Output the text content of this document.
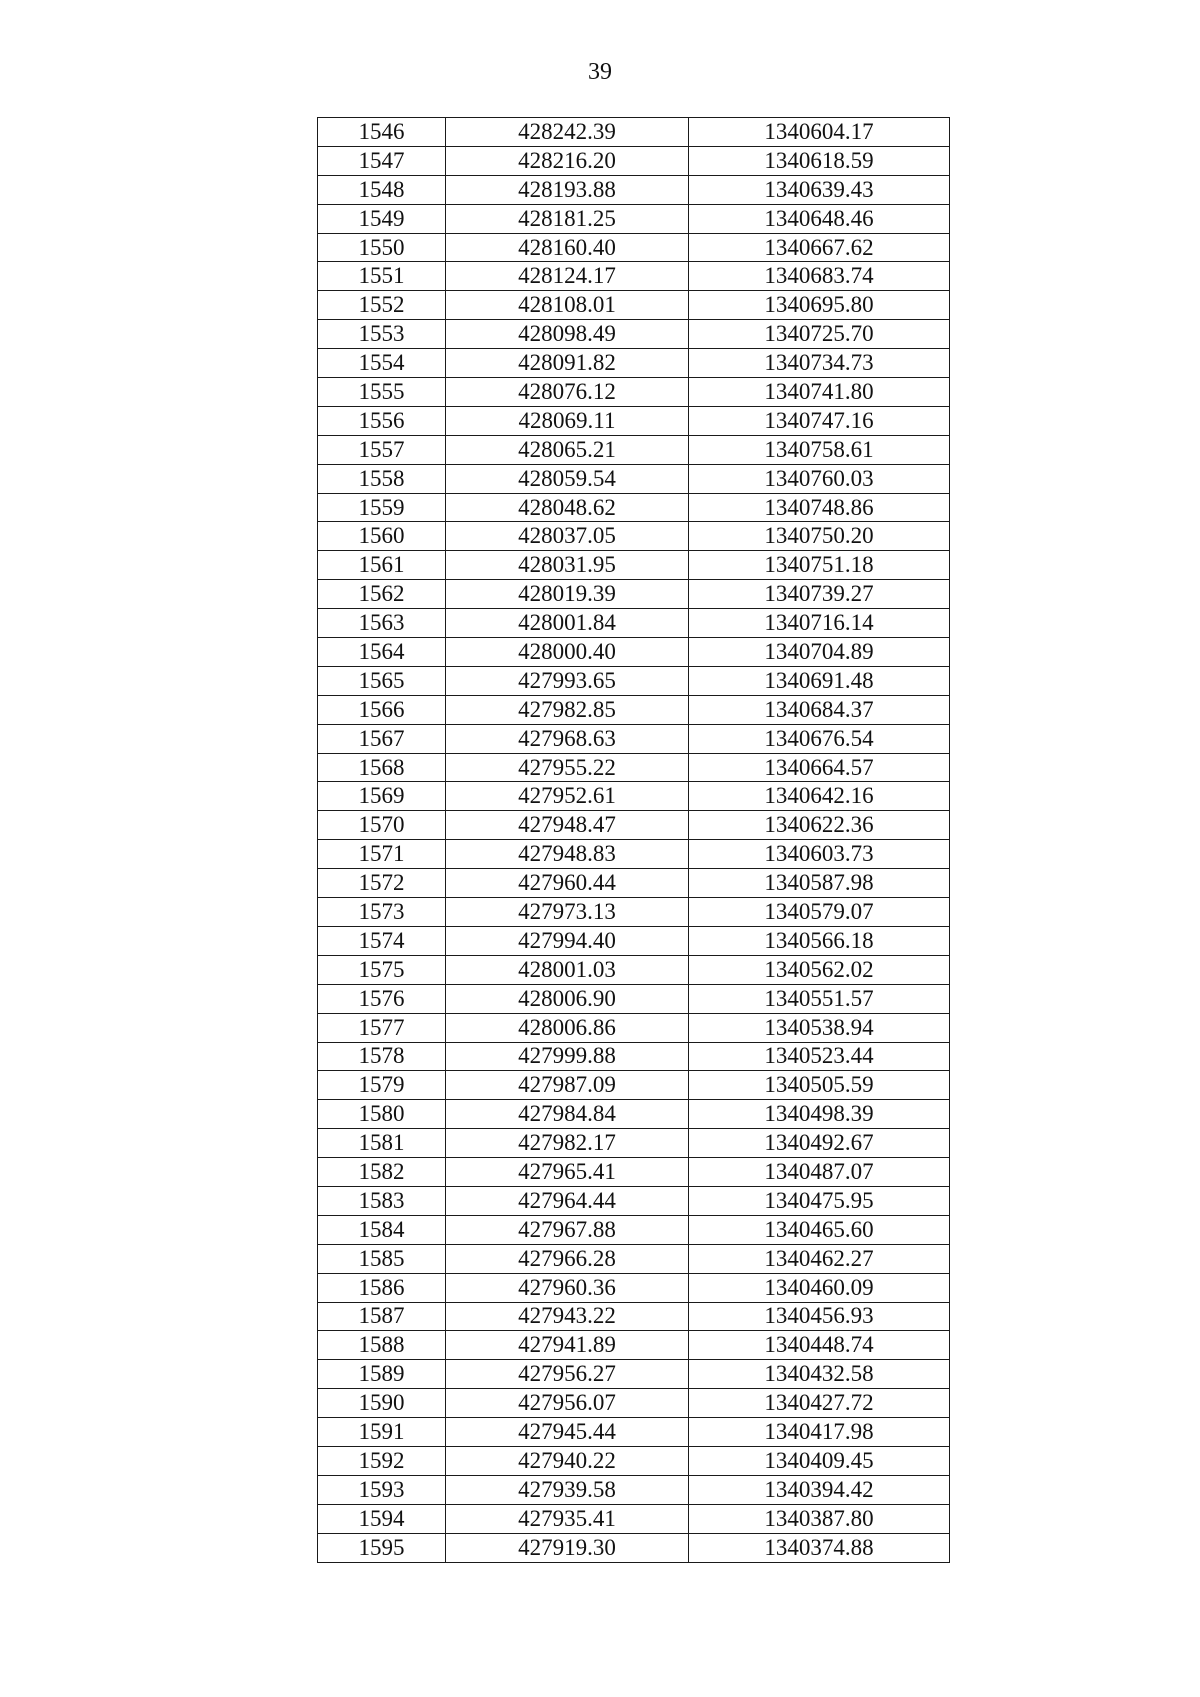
39
1546	428242.39	1340604.17
1547	428216.20	1340618.59
1548	428193.88	1340639.43
1549	428181.25	1340648.46
1550	428160.40	1340667.62
1551	428124.17	1340683.74
1552	428108.01	1340695.80
1553	428098.49	1340725.70
1554	428091.82	1340734.73
1555	428076.12	1340741.80
1556	428069.11	1340747.16
1557	428065.21	1340758.61
1558	428059.54	1340760.03
1559	428048.62	1340748.86
1560	428037.05	1340750.20
1561	428031.95	1340751.18
1562	428019.39	1340739.27
1563	428001.84	1340716.14
1564	428000.40	1340704.89
1565	427993.65	1340691.48
1566	427982.85	1340684.37
1567	427968.63	1340676.54
1568	427955.22	1340664.57
1569	427952.61	1340642.16
1570	427948.47	1340622.36
1571	427948.83	1340603.73
1572	427960.44	1340587.98
1573	427973.13	1340579.07
1574	427994.40	1340566.18
1575	428001.03	1340562.02
1576	428006.90	1340551.57
1577	428006.86	1340538.94
1578	427999.88	1340523.44
1579	427987.09	1340505.59
1580	427984.84	1340498.39
1581	427982.17	1340492.67
1582	427965.41	1340487.07
1583	427964.44	1340475.95
1584	427967.88	1340465.60
1585	427966.28	1340462.27
1586	427960.36	1340460.09
1587	427943.22	1340456.93
1588	427941.89	1340448.74
1589	427956.27	1340432.58
1590	427956.07	1340427.72
1591	427945.44	1340417.98
1592	427940.22	1340409.45
1593	427939.58	1340394.42
1594	427935.41	1340387.80
1595	427919.30	1340374.88
